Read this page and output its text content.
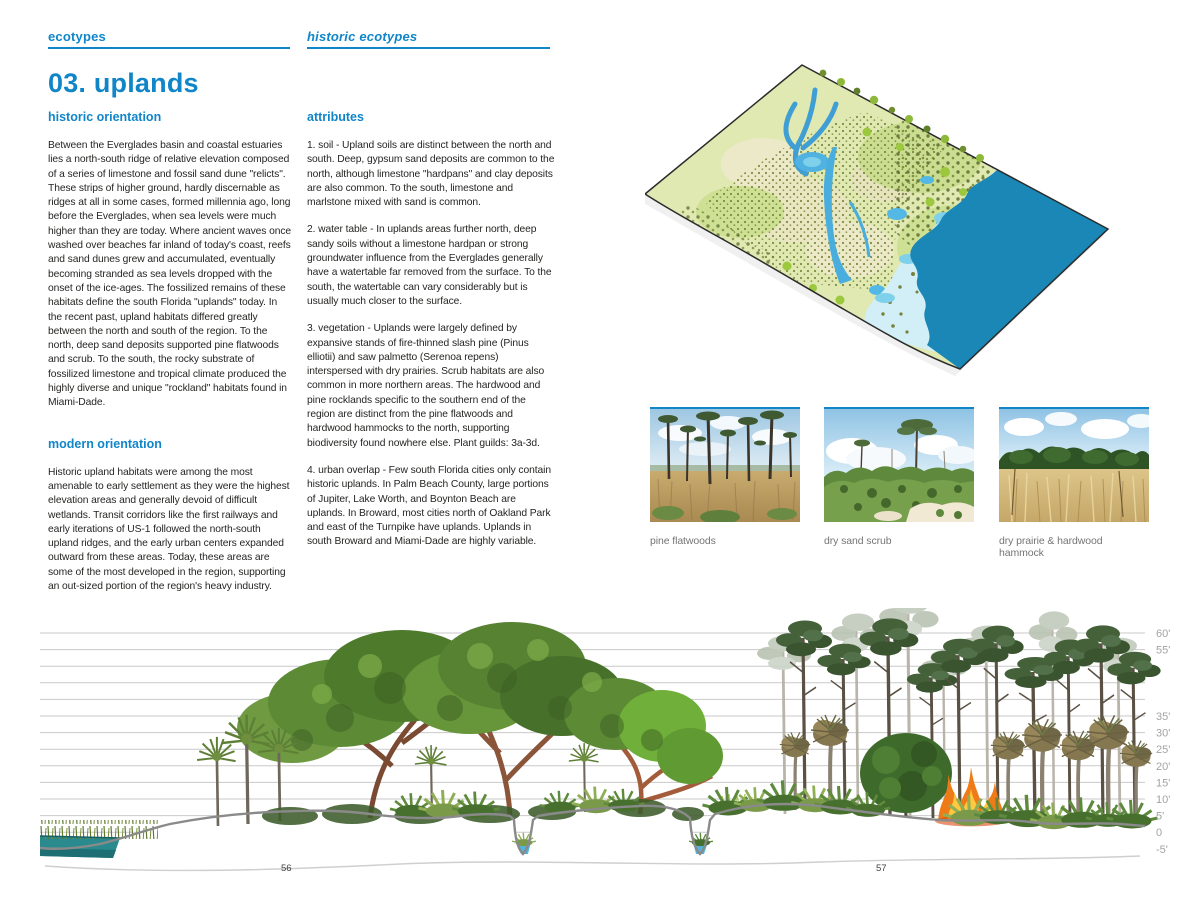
ecotypes	historic ecotypes
03. uplands
historic orientation

Between the Everglades basin and coastal estuaries lies a north-south ridge of relative elevation composed of a series of limestone and fossil sand dune "relicts". These strips of higher ground, hardly discernable as ridges at all in some cases, formed millennia ago, long before the Everglades, when sea levels were much higher than they are today. Where ancient waves once washed over beaches far inland of today's coast, reefs and sand dunes grew and accumulated, eventually becoming stranded as sea levels dropped with the onset of the ice-ages. The fossilized remains of these habitats define the south Florida "uplands" today. In the recent past, upland habitats differed greatly between the north and south of the region. To the north, deep sand deposits supported pine flatwoods and scrub. To the south, the rocky substrate of fossilized limestone and tropical climate produced the highly diverse and unique "rockland" habitats found in Miami-Dade.

modern orientation

Historic upland habitats were among the most amenable to early settlement as they were the highest elevation areas and generally devoid of difficult wetlands. Transit corridors like the first railways and early iterations of US-1 followed the north-south upland ridges, and the early urban centers expanded outward from these areas. Today, these areas are some of the most developed in the region, supporting an out-sized portion of the region's heavy industry.

attributes

1. soil - Upland soils are distinct between the north and south. Deep, gypsum sand deposits are common to the north, although limestone "hardpans" and clay deposits are also common. To the south, limestone and marlstone mixed with sand is common.

2. water table - In uplands areas further north, deep sandy soils without a limestone hardpan or strong groundwater influence from the Everglades generally have a watertable far removed from the surface. To the south, the watertable can vary considerably but is usually much closer to the surface.

3. vegetation - Uplands were largely defined by expansive stands of fire-thinned slash pine (Pinus elliotii) and saw palmetto (Serenoa repens) interspersed with dry prairies. Scrub habitats are also common in more northern areas. The hardwood and pine rocklands specific to the southern end of the region are distinct from the pine flatwoods and hardwood hammocks to the north, supporting biodiversity found nowhere else. Plant guilds: 3a-3d.

4. urban overlap - Few south Florida cities only contain historic uplands. In Palm Beach County, large portions of Jupiter, Lake Worth, and Boynton Beach are uplands. In Broward, most cities north of Oakland Park and east of the Turnpike have uplands. Uplands in south Broward and Miami-Dade are highly variable.	pine flatwoods	dry sand scrub	dry prairie & hardwood hammock
60'
55'
35'
30'
25'
20'
15'
10'
5'
0
-5'
56	57
